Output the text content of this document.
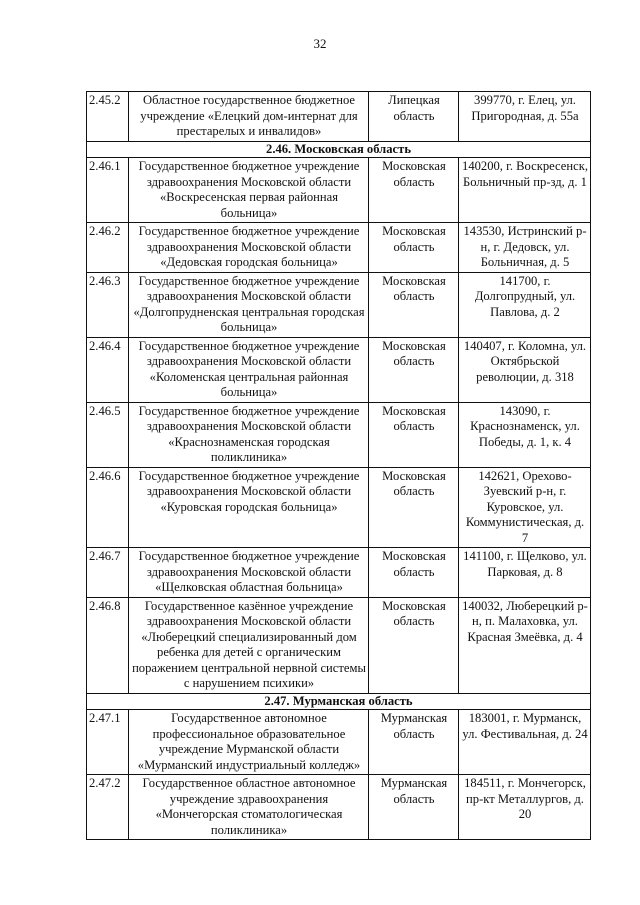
32
2.45.2	Областное государственное бюджетное учреждение «Елецкий дом-интернат для престарелых и инвалидов»	Липецкая область	399770, г. Елец, ул. Пригородная, д. 55а
2.46. Московская область			
2.46.1	Государственное бюджетное учреждение здравоохранения Московской области «Воскресенская первая районная больница»	Московская область	140200, г. Воскресенск, Больничный пр-зд, д. 1
2.46.2	Государственное бюджетное учреждение здравоохранения Московской области «Дедовская городская больница»	Московская область	143530, Истринский р-н, г. Дедовск, ул. Больничная, д. 5
2.46.3	Государственное бюджетное учреждение здравоохранения Московской области «Долгопрудненская центральная городская больница»	Московская область	141700, г. Долгопрудный, ул. Павлова, д. 2
2.46.4	Государственное бюджетное учреждение здравоохранения Московской области «Коломенская центральная районная больница»	Московская область	140407, г. Коломна, ул. Октябрьской революции, д. 318
2.46.5	Государственное бюджетное учреждение здравоохранения Московской области «Краснознаменская городская поликлиника»	Московская область	143090, г. Краснознаменск, ул. Победы, д. 1, к. 4
2.46.6	Государственное бюджетное учреждение здравоохранения Московской области «Куровская городская больница»	Московская область	142621, Орехово-Зуевский р-н, г. Куровское, ул. Коммунистическая, д. 7
2.46.7	Государственное бюджетное учреждение здравоохранения Московской области «Щелковская областная больница»	Московская область	141100, г. Щелково, ул. Парковая, д. 8
2.46.8	Государственное казённое учреждение здравоохранения Московской области «Люберецкий специализированный дом ребенка для детей с органическим поражением центральной нервной системы с нарушением психики»	Московская область	140032, Люберецкий р-н, п. Малаховка, ул. Красная Змеёвка, д. 4
2.47. Мурманская область			
2.47.1	Государственное автономное профессиональное образовательное учреждение Мурманской области «Мурманский индустриальный колледж»	Мурманская область	183001, г. Мурманск, ул. Фестивальная, д. 24
2.47.2	Государственное областное автономное учреждение здравоохранения «Мончегорская стоматологическая поликлиника»	Мурманская область	184511, г. Мончегорск, пр-кт Металлургов, д. 20
